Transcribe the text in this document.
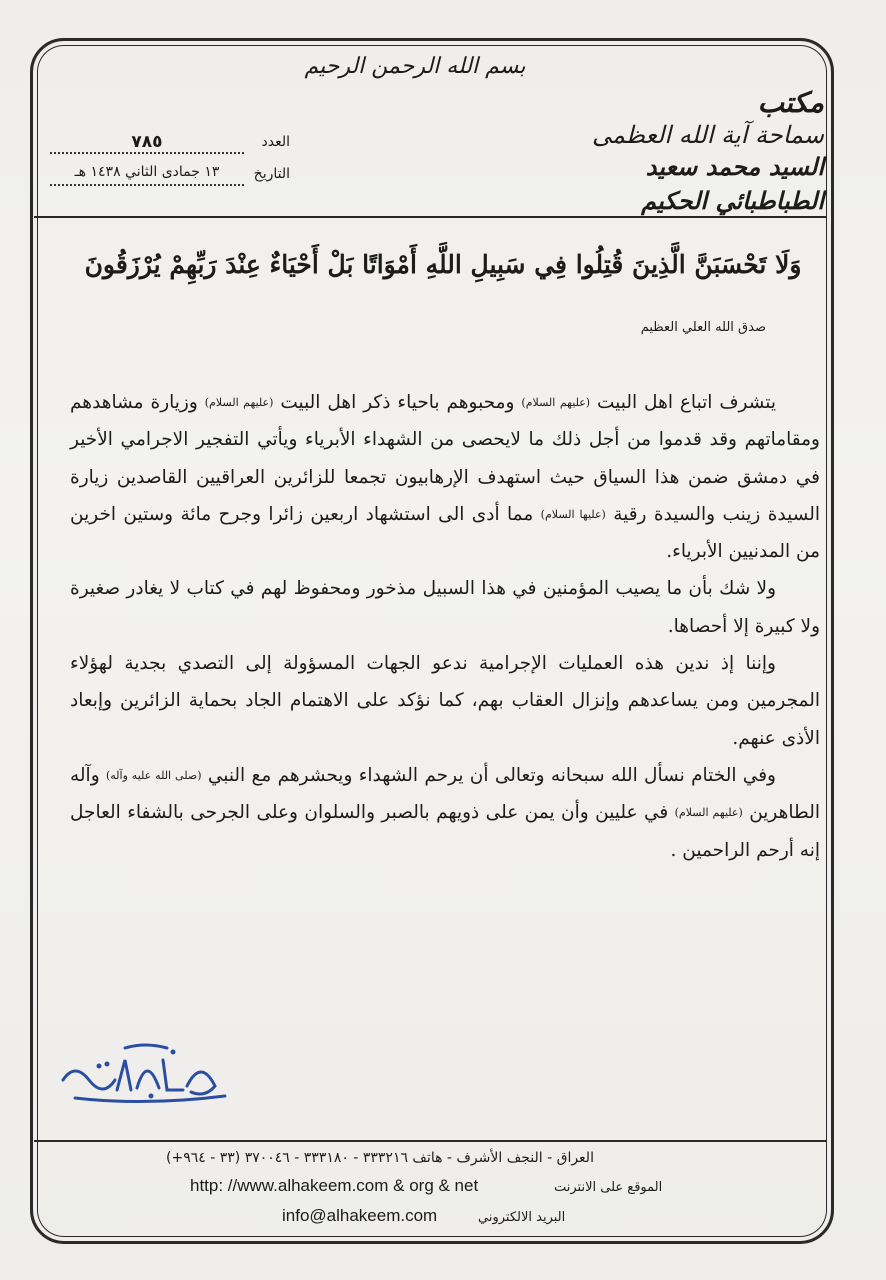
بسم الله الرحمن الرحيم
مكتب
سماحة آية الله العظمى
السيد محمد سعيد الطباطبائي الحكيم
العدد
٧٨٥
التاريخ
١٣ جمادى الثاني ١٤٣٨ هـ
وَلَا تَحْسَبَنَّ الَّذِينَ قُتِلُوا فِي سَبِيلِ اللَّهِ أَمْوَاتًا بَلْ أَحْيَاءٌ عِنْدَ رَبِّهِمْ يُرْزَقُونَ
صدق الله العلي العظيم

يتشرف اتباع اهل البيت (عليهم السلام) ومحبوهم باحياء ذكر اهل البيت (عليهم السلام) وزيارة مشاهدهم ومقاماتهم وقد قدموا من أجل ذلك ما لايحصى من الشهداء الأبرياء ويأتي التفجير الاجرامي الأخير في دمشق ضمن هذا السياق حيث استهدف الإرهابيون تجمعا للزائرين العراقيين القاصدين زيارة السيدة زينب والسيدة رقية (عليها السلام) مما أدى الى استشهاد اربعين زائرا وجرح مائة وستين اخرين من المدنيين الأبرياء.

ولا شك بأن ما يصيب المؤمنين في هذا السبيل مذخور ومحفوظ لهم في كتاب لا يغادر صغيرة ولا كبيرة إلا أحصاها.

وإننا إذ ندين هذه العمليات الإجرامية ندعو الجهات المسؤولة إلى التصدي بجدية لهؤلاء المجرمين ومن يساعدهم وإنزال العقاب بهم، كما نؤكد على الاهتمام الجاد بحماية الزائرين وإبعاد الأذى عنهم.

وفي الختام نسأل الله سبحانه وتعالى أن يرحم الشهداء ويحشرهم مع النبي (صلى الله عليه وآله) وآله الطاهرين (عليهم السلام) في عليين وأن يمن على ذويهم بالصبر والسلوان وعلى الجرحى بالشفاء العاجل إنه أرحم الراحمين .

العراق - النجف الأشرف - هاتف ٣٣٣٢١٦ - ٣٣٣١٨٠ - ٣٧٠٠٤٦ (٣٣ - ٩٦٤+)
http: //www.alhakeem.com & org & net	الموقع على الانترنت
info@alhakeem.com	البريد الالكتروني
